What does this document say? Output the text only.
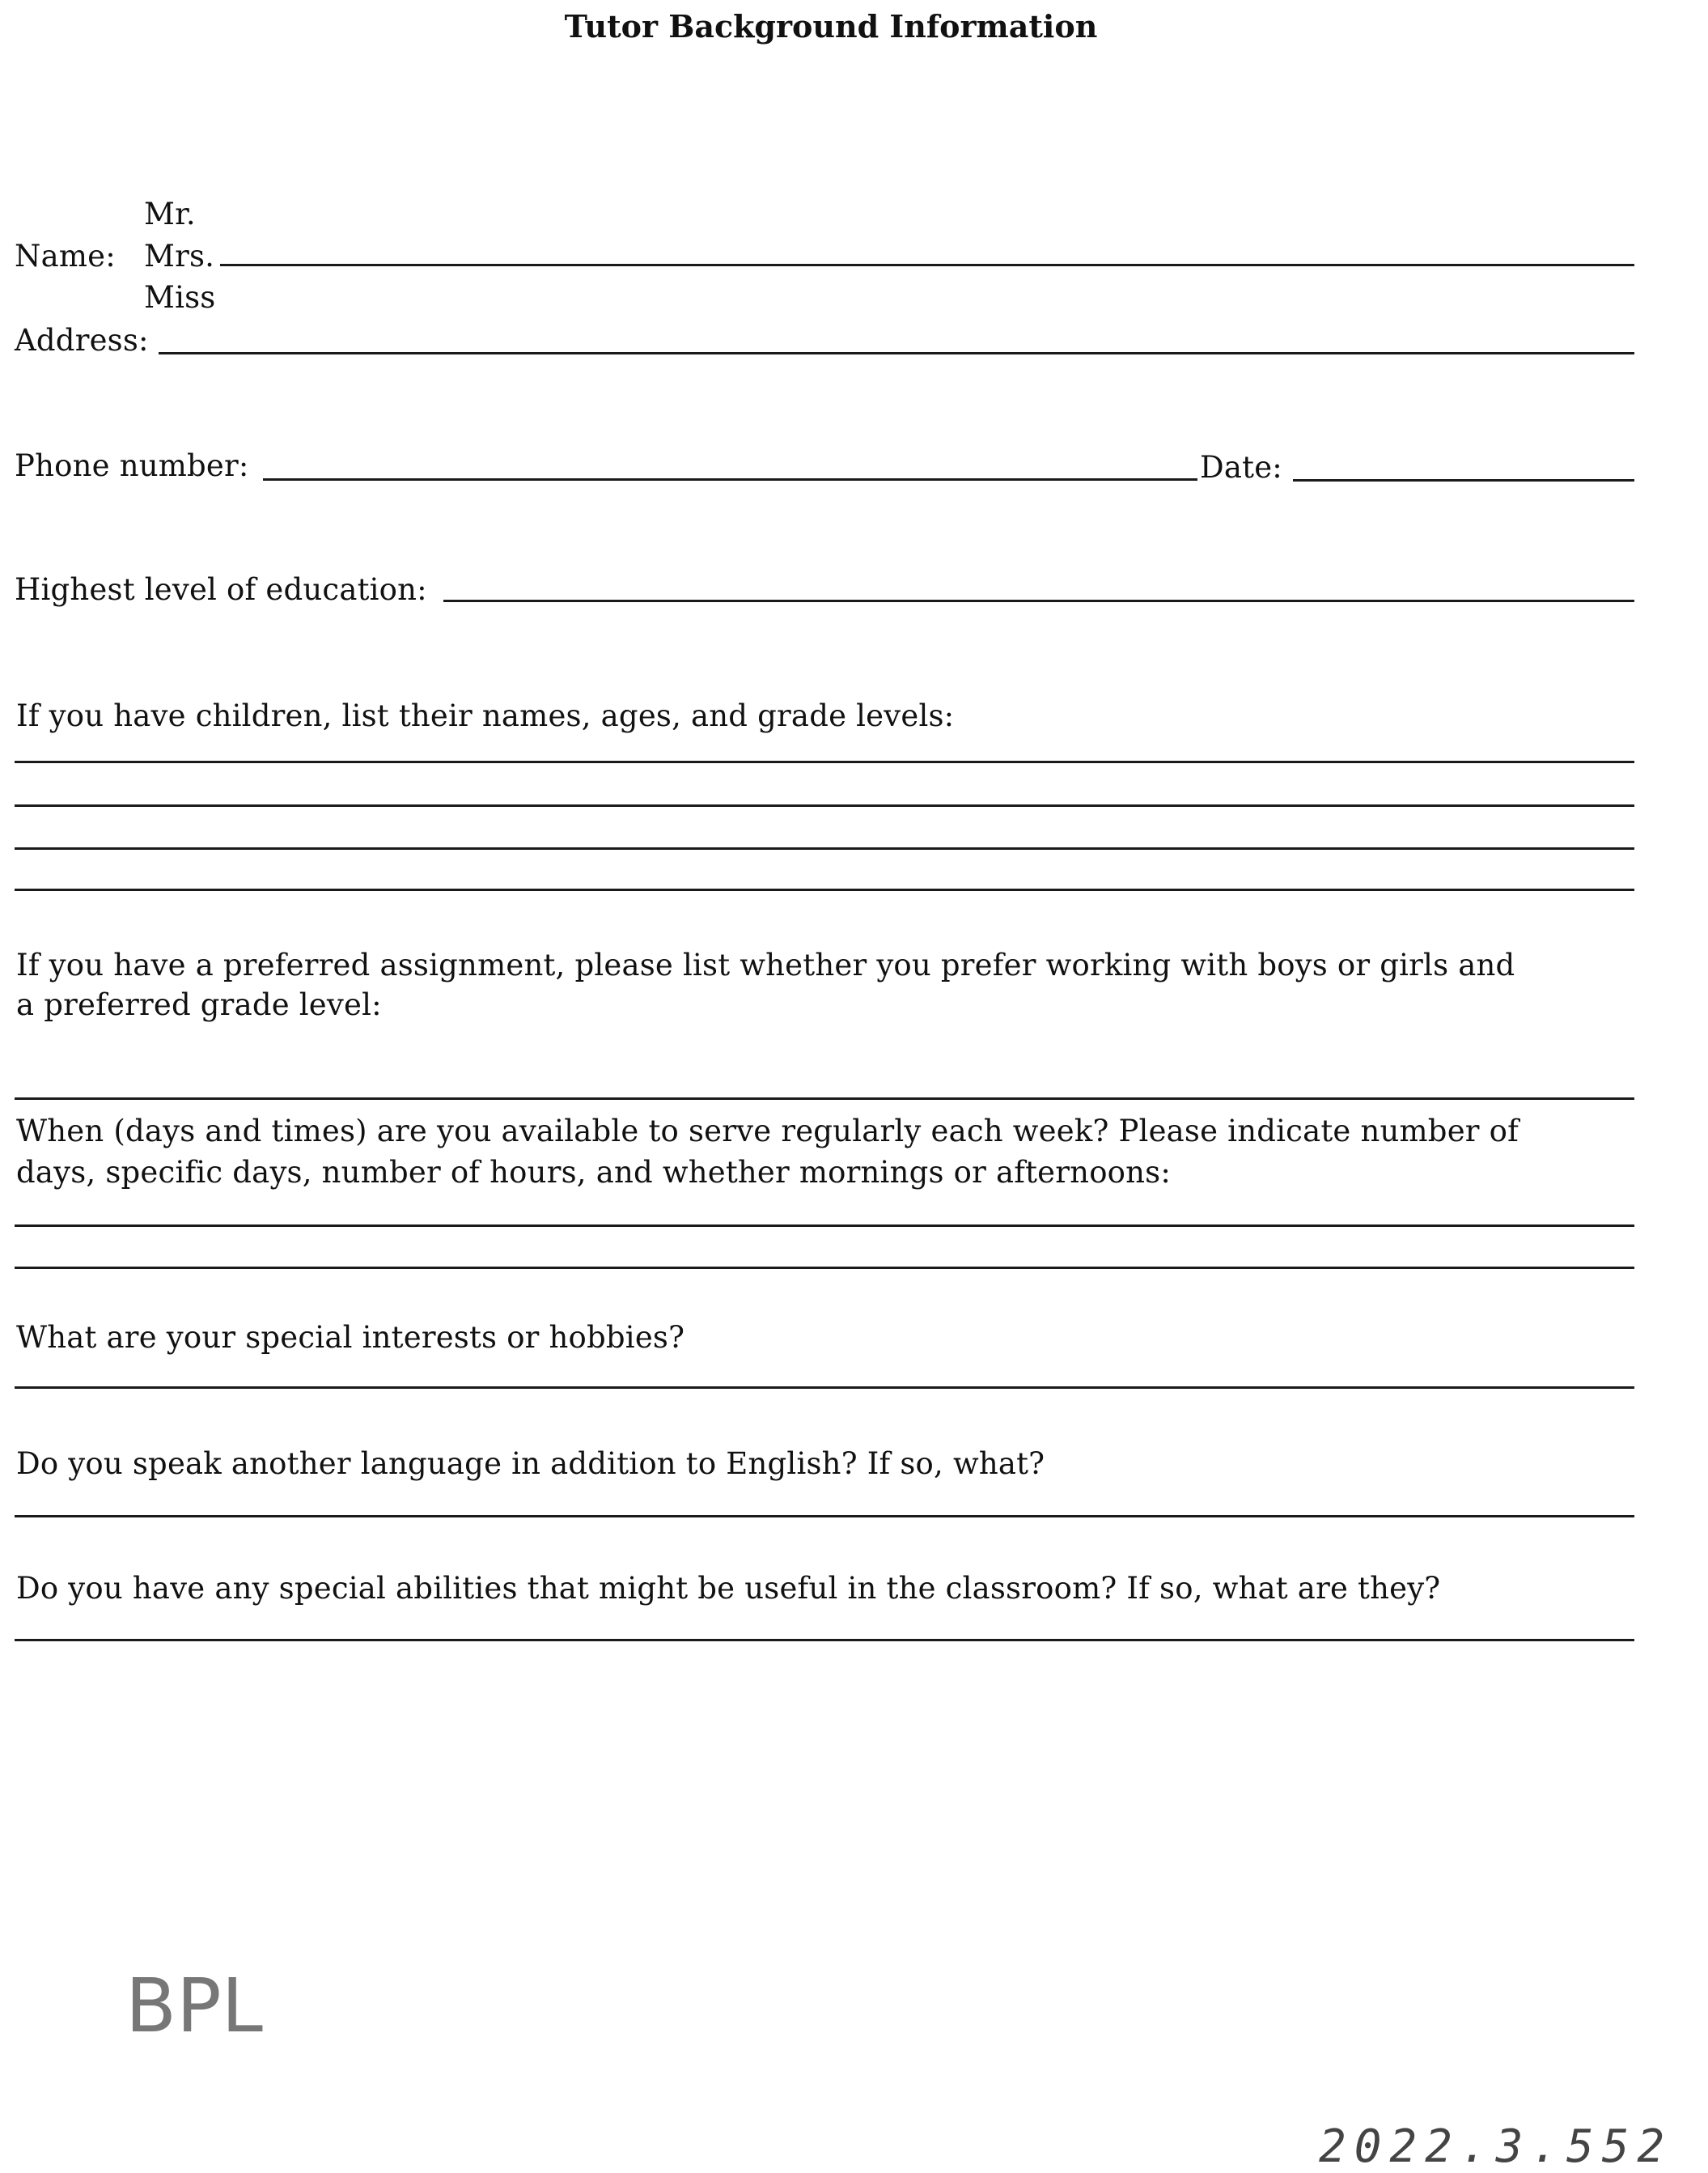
Tutor Background Information
Mr.
Name: Mrs.
Miss
Address:
Phone number:	Date:
Highest level of education:
If you have children, list their names, ages, and grade levels:
If you have a preferred assignment, please list whether you prefer working with boys or girls and
a preferred grade level:
When (days and times) are you available to serve regularly each week? Please indicate number of
days, specific days, number of hours, and whether mornings or afternoons:
What are your special interests or hobbies?
Do you speak another language in addition to English? If so, what?
Do you have any special abilities that might be useful in the classroom? If so, what are they?
BPL
2022.3.552
